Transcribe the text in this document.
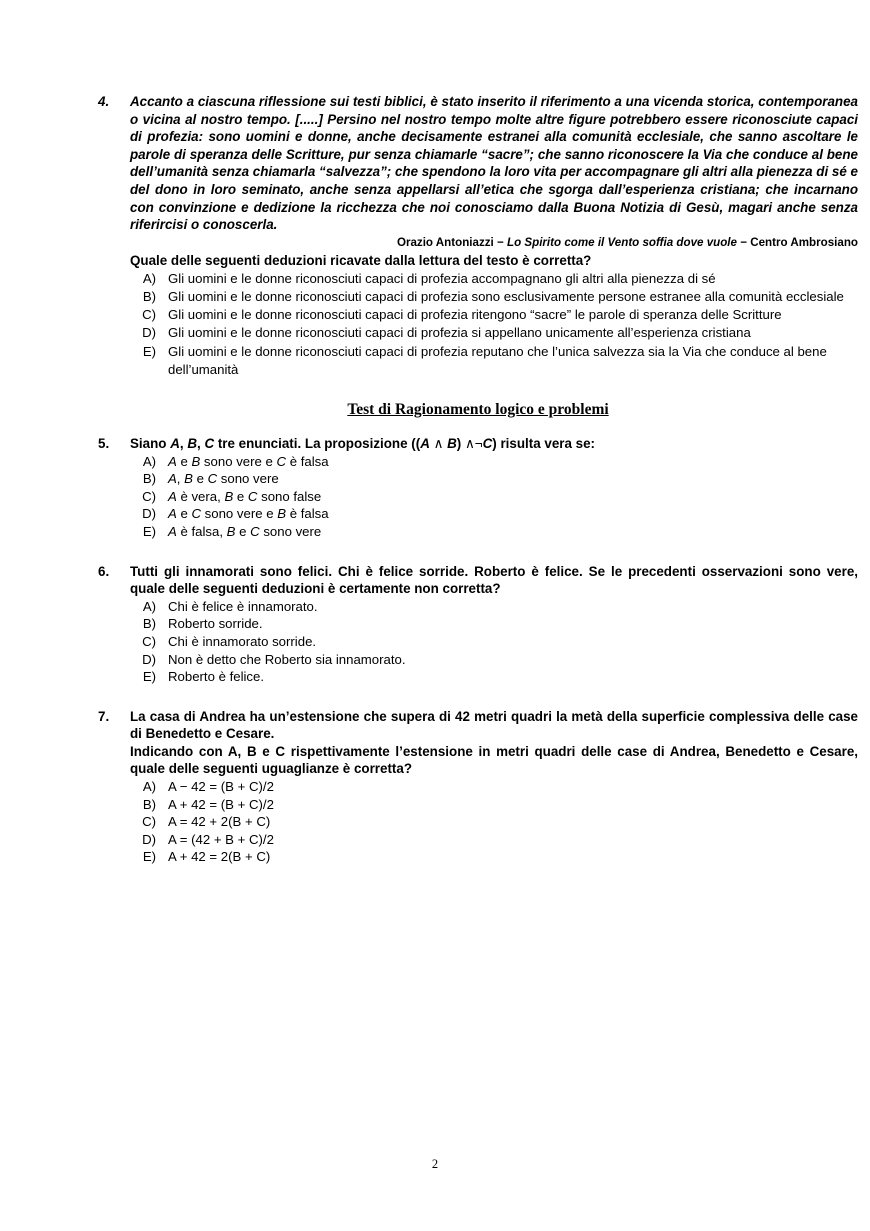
4.	Accanto a ciascuna riflessione sui testi biblici, è stato inserito il riferimento a una vicenda storica, contemporanea o vicina al nostro tempo. [.....] Persino nel nostro tempo molte altre figure potrebbero essere riconosciute capaci di profezia: sono uomini e donne, anche decisamente estranei alla comunità ecclesiale, che sanno ascoltare le parole di speranza delle Scritture, pur senza chiamarle “sacre”; che sanno riconoscere la Via che conduce al bene dell’umanità senza chiamarla “salvezza”; che spendono la loro vita per accompagnare gli altri alla pienezza di sé e del dono in loro seminato, anche senza appellarsi all’etica che sgorga dall’esperienza cristiana; che incarnano con convinzione e dedizione la ricchezza che noi conosciamo dalla Buona Notizia di Gesù, magari anche senza riferircisi o conoscerla.

Orazio Antoniazzi − Lo Spirito come il Vento soffia dove vuole − Centro Ambrosiano

Quale delle seguenti deduzioni ricavate dalla lettura del testo è corretta?

A) Gli uomini e le donne riconosciuti capaci di profezia accompagnano gli altri alla pienezza di sé
B) Gli uomini e le donne riconosciuti capaci di profezia sono esclusivamente persone estranee alla comunità ecclesiale
C) Gli uomini e le donne riconosciuti capaci di profezia ritengono “sacre” le parole di speranza delle Scritture
D) Gli uomini e le donne riconosciuti capaci di profezia si appellano unicamente all’esperienza cristiana
E) Gli uomini e le donne riconosciuti capaci di profezia reputano che l’unica salvezza sia la Via che conduce al bene dell’umanità

Test di Ragionamento logico e problemi

5.	Siano A, B, C tre enunciati. La proposizione ((A ∧ B) ∧¬C) risulta vera se:

A) A e B sono vere e C è falsa
B) A, B e C sono vere
C) A è vera, B e C sono false
D) A e C sono vere e B è falsa
E) A è falsa, B e C sono vere
6.	Tutti gli innamorati sono felici. Chi è felice sorride. Roberto è felice. Se le precedenti osservazioni sono vere, quale delle seguenti deduzioni è certamente non corretta?

A) Chi è felice è innamorato.
B) Roberto sorride.
C) Chi è innamorato sorride.
D) Non è detto che Roberto sia innamorato.
E) Roberto è felice.
7.	La casa di Andrea ha un’estensione che supera di 42 metri quadri la metà della superficie complessiva delle case di Benedetto e Cesare.

Indicando con A, B e C rispettivamente l’estensione in metri quadri delle case di Andrea, Benedetto e Cesare, quale delle seguenti uguaglianze è corretta?

A) A − 42 = (B + C)/2
B) A + 42 = (B + C)/2
C) A = 42 + 2(B + C)
D) A = (42 + B + C)/2
E) A + 42 = 2(B + C)
2
